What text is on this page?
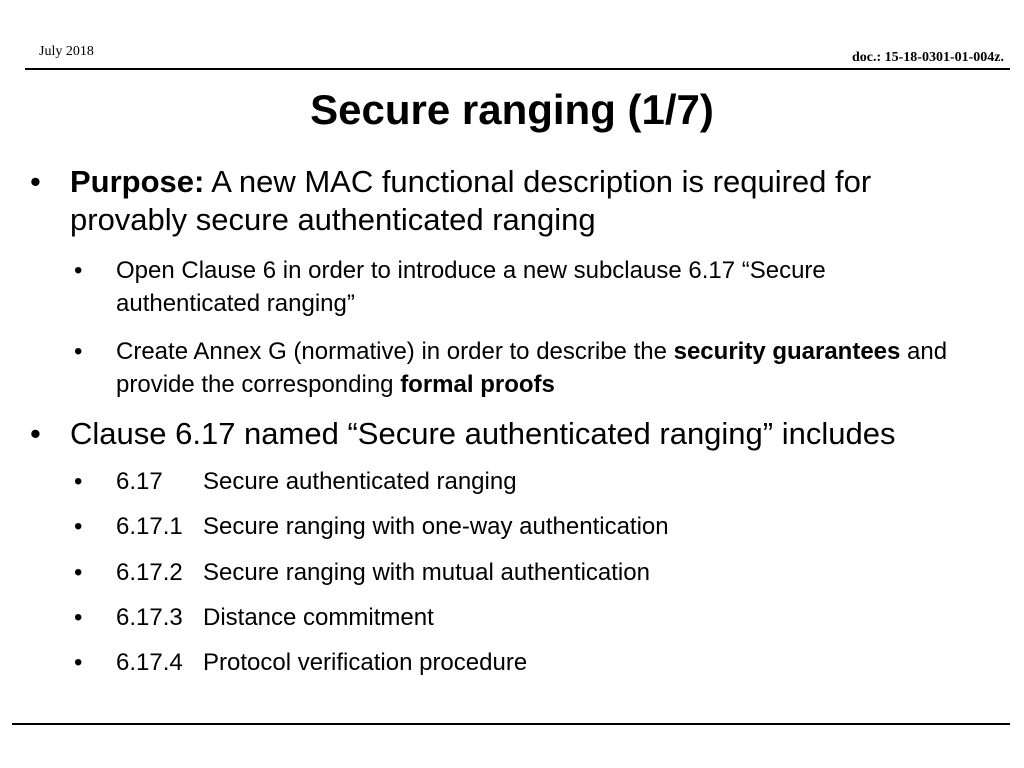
July 2018	doc.: 15-18-0301-01-004z.
Secure ranging (1/7)
• Purpose: A new MAC functional description is required for provably secure authenticated ranging
• Open Clause 6 in order to introduce a new subclause 6.17 “Secure authenticated ranging”
• Create Annex G (normative) in order to describe the security guarantees and provide the corresponding formal proofs
• Clause 6.17 named “Secure authenticated ranging” includes
• 6.17 Secure authenticated ranging
• 6.17.1 Secure ranging with one-way authentication
• 6.17.2 Secure ranging with mutual authentication
• 6.17.3 Distance commitment
• 6.17.4 Protocol verification procedure
